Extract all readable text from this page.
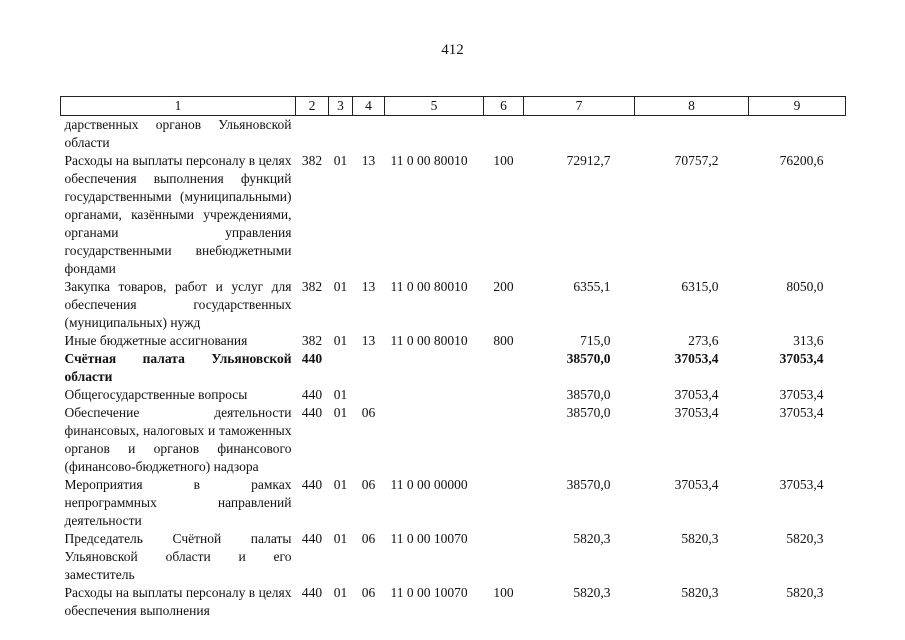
412
1	2	3	4	5	6	7	8	9
дарственных органов Ульяновской области								
Расходы на выплаты персоналу в целях обеспечения выполнения функций государственными (муниципальными) органами, казёнными учреждениями, органами управления государственными внебюджетными фондами	382	01	13	11 0 00 80010	100	72912,7	70757,2	76200,6
Закупка товаров, работ и услуг для обеспечения государственных (муниципальных) нужд	382	01	13	11 0 00 80010	200	6355,1	6315,0	8050,0
Иные бюджетные ассигнования	382	01	13	11 0 00 80010	800	715,0	273,6	313,6
Счётная палата Ульяновской области	440					38570,0	37053,4	37053,4
Общегосударственные вопросы	440	01				38570,0	37053,4	37053,4
Обеспечение деятельности финансовых, налоговых и таможенных органов и органов финансового (финансово-бюджетного) надзора	440	01	06			38570,0	37053,4	37053,4
Мероприятия в рамках непрограммных направлений деятельности	440	01	06	11 0 00 00000		38570,0	37053,4	37053,4
Председатель Счётной палаты Ульяновской области и его заместитель	440	01	06	11 0 00 10070		5820,3	5820,3	5820,3
Расходы на выплаты персоналу в целях обеспечения выполнения	440	01	06	11 0 00 10070	100	5820,3	5820,3	5820,3
